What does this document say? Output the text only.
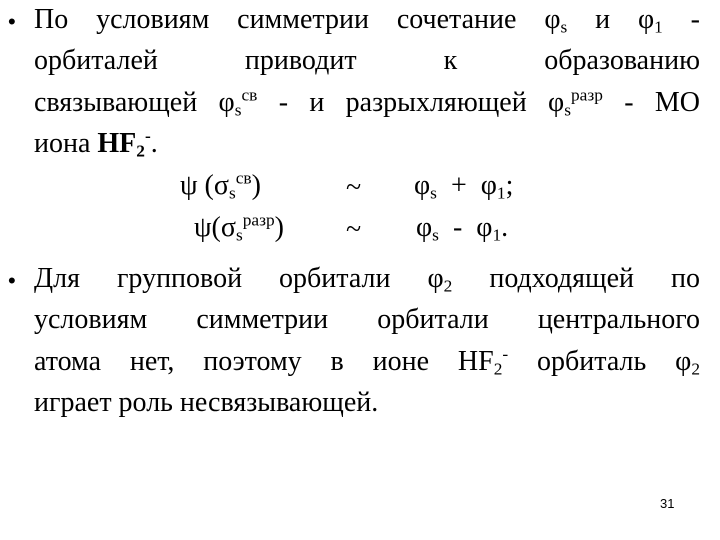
• По условиям симметрии сочетание $\varphi_s$ и $\varphi_1$ -
орбиталей приводит к образованию
связывающей $\varphi_s^{св}$ - и разрыхляющей $\varphi_s^{разр}$ - МО
иона $HF_2^-$.
ψ $(\sigma_s^{св})$	~ $\varphi_s + \varphi_1$;
$\psi(\sigma_s^{разр})$ ~ $\varphi_s - \varphi_1$.
• Для групповой орбитали $\varphi_2$ подходящей по
условиям симметрии орбитали центрального
атома нет, поэтому в ионе $HF_2^-$ орбиталь $\varphi_2$
играет роль несвязывающей.
31
